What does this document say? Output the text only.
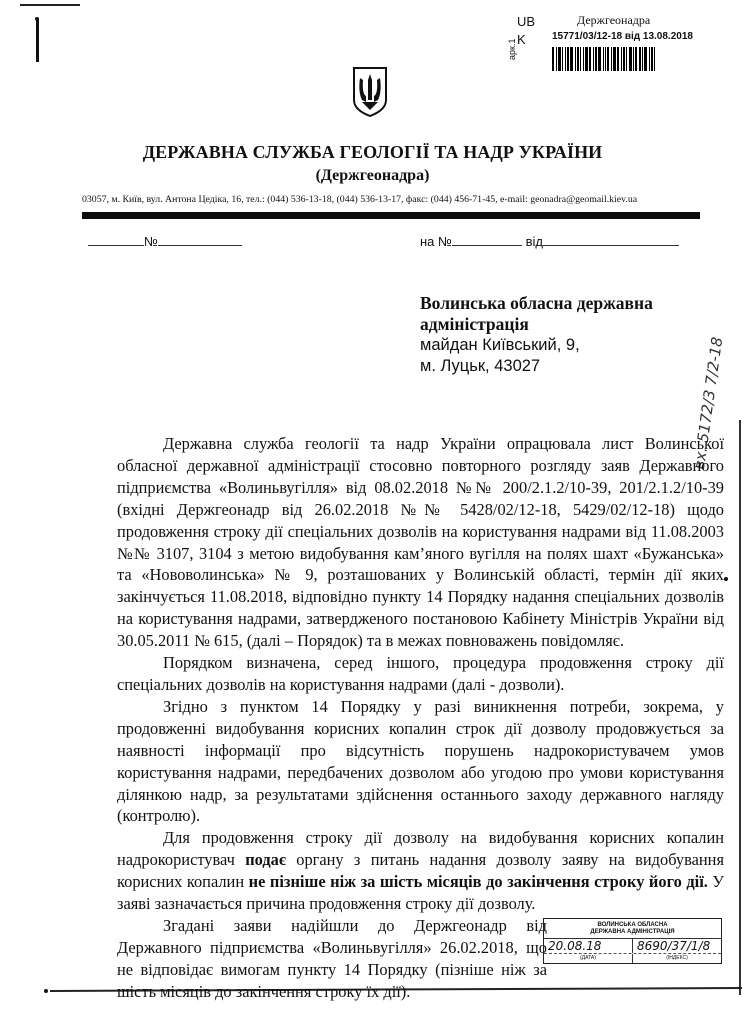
UB
K
арк.1
Держгеонадра
15771/03/12-18 від 13.08.2018
ДЕРЖАВНА СЛУЖБА ГЕОЛОГІЇ ТА НАДР УКРАЇНИ
(Держгеонадра)
03057, м. Київ, вул. Антона Цедіка, 16, тел.: (044) 536-13-18, (044) 536-13-17, факс: (044) 456-71-45, e-mail: geonadra@geomail.kiev.ua
№	на №	від
Волинська обласна державна
адміністрація
майдан Київський, 9,
м. Луцьк, 43027	вх. 5172/3 7/2-18

Державна служба геології та надр України опрацювала лист Волинської обласної державної адміністрації стосовно повторного розгляду заяв Державного підприємства «Волиньвугілля» від 08.02.2018 №№ 200/2.1.2/10-39, 201/2.1.2/10-39 (вхідні Держгеонадр від 26.02.2018 №№ 5428/02/12-18, 5429/02/12-18) щодо продовження строку дії спеціальних дозволів на користування надрами від 11.08.2003 №№ 3107, 3104 з метою видобування кам’яного вугілля на полях шахт «Бужанська» та «Нововолинська» № 9, розташованих у Волинській області, термін дії яких закінчується 11.08.2018, відповідно пункту 14 Порядку надання спеціальних дозволів на користування надрами, затвердженого постановою Кабінету Міністрів України від 30.05.2011 № 615, (далі – Порядок) та в межах повноважень повідомляє.

Порядком визначена, серед іншого, процедура продовження строку дії спеціальних дозволів на користування надрами (далі - дозволи).

Згідно з пунктом 14 Порядку у разі виникнення потреби, зокрема, у продовженні видобування корисних копалин строк дії дозволу продовжується за наявності інформації про відсутність порушень надрокористувачем умов користування надрами, передбачених дозволом або угодою про умови користування ділянкою надр, за результатами здійснення останнього заходу державного нагляду (контролю).

Для продовження строку дії дозволу на видобування корисних копалин надрокористувач подає органу з питань надання дозволу заяву на видобування корисних копалин не пізніше ніж за шість місяців до закінчення строку його дії. У заяві зазначається причина продовження строку дії дозволу.

Згадані заяви надійшли до Держгеонадр від Державного підприємства «Волиньвугілля» 26.02.2018, що не відповідає вимогам пункту 14 Порядку (пізніше ніж за шість місяців до закінчення строку їх дії).

ВОЛИНСЬКА ОБЛАСНА
ДЕРЖАВНА АДМІНІСТРАЦІЯ
20.08.18	8690/37/1/8
(ДАТА)	(ІНДЕКС)
